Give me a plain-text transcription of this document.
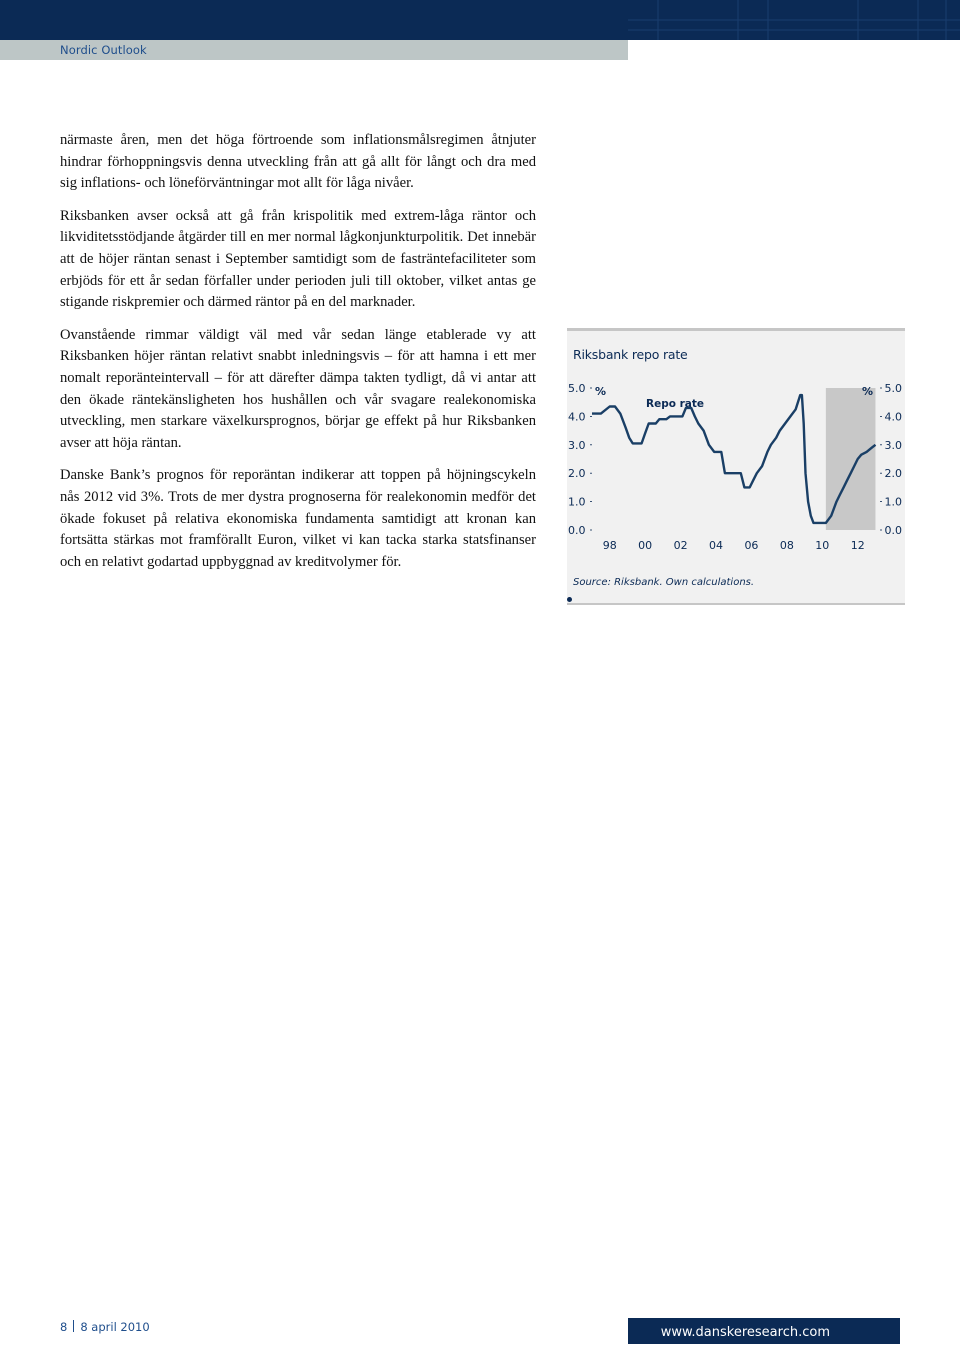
Nordic Outlook

närmaste åren, men det höga förtroende som inflationsmålsregimen åtnjuter hindrar förhoppningsvis denna utveckling från att gå allt för långt och dra med sig inflations- och löneförväntningar mot allt för låga nivåer.

Riksbanken avser också att gå från krispolitik med extrem-låga räntor och likviditetsstödjande åtgärder till en mer normal lågkonjunkturpolitik. Det innebär att de höjer räntan senast i September samtidigt som de fasträntefaciliteter som erbjöds för ett år sedan förfaller under perioden juli till oktober, vilket antas ge stigande riskpremier och därmed räntor på en del marknader.

Ovanstående rimmar väldigt väl med vår sedan länge etablerade vy att Riksbanken höjer räntan relativt snabbt inledningsvis – för att hamna i ett mer nomalt reporänteintervall – för att därefter dämpa takten tydligt, då vi antar att den ökade räntekänsligheten hos hushållen och vår svagare realekonomiska utveckling, men starkare växelkursprognos, börjar ge effekt på hur Riksbanken avser att höja räntan.

Danske Bank’s prognos för reporäntan indikerar att toppen på höjningscykeln nås 2012 vid 3%. Trots de mer dystra prognoserna för realekonomin medför det ökade fokuset på relativa ekonomiska fundamenta samtidigt att kronan kan fortsätta stärkas mot framförallt Euron, vilket vi kan tacka starka statsfinanser och en relativt godartad uppbyggnad av kreditvolymer för.

Riksbank repo rate
0.0	0.0
1.0	1.0
2.0	2.0
3.0	3.0
4.0	4.0
5.0	5.0
%	%
98 00 02 04 06 08 10 12
Repo rate
Source: Riksbank. Own calculations.
8 8 april 2010	www.danskeresearch.com
